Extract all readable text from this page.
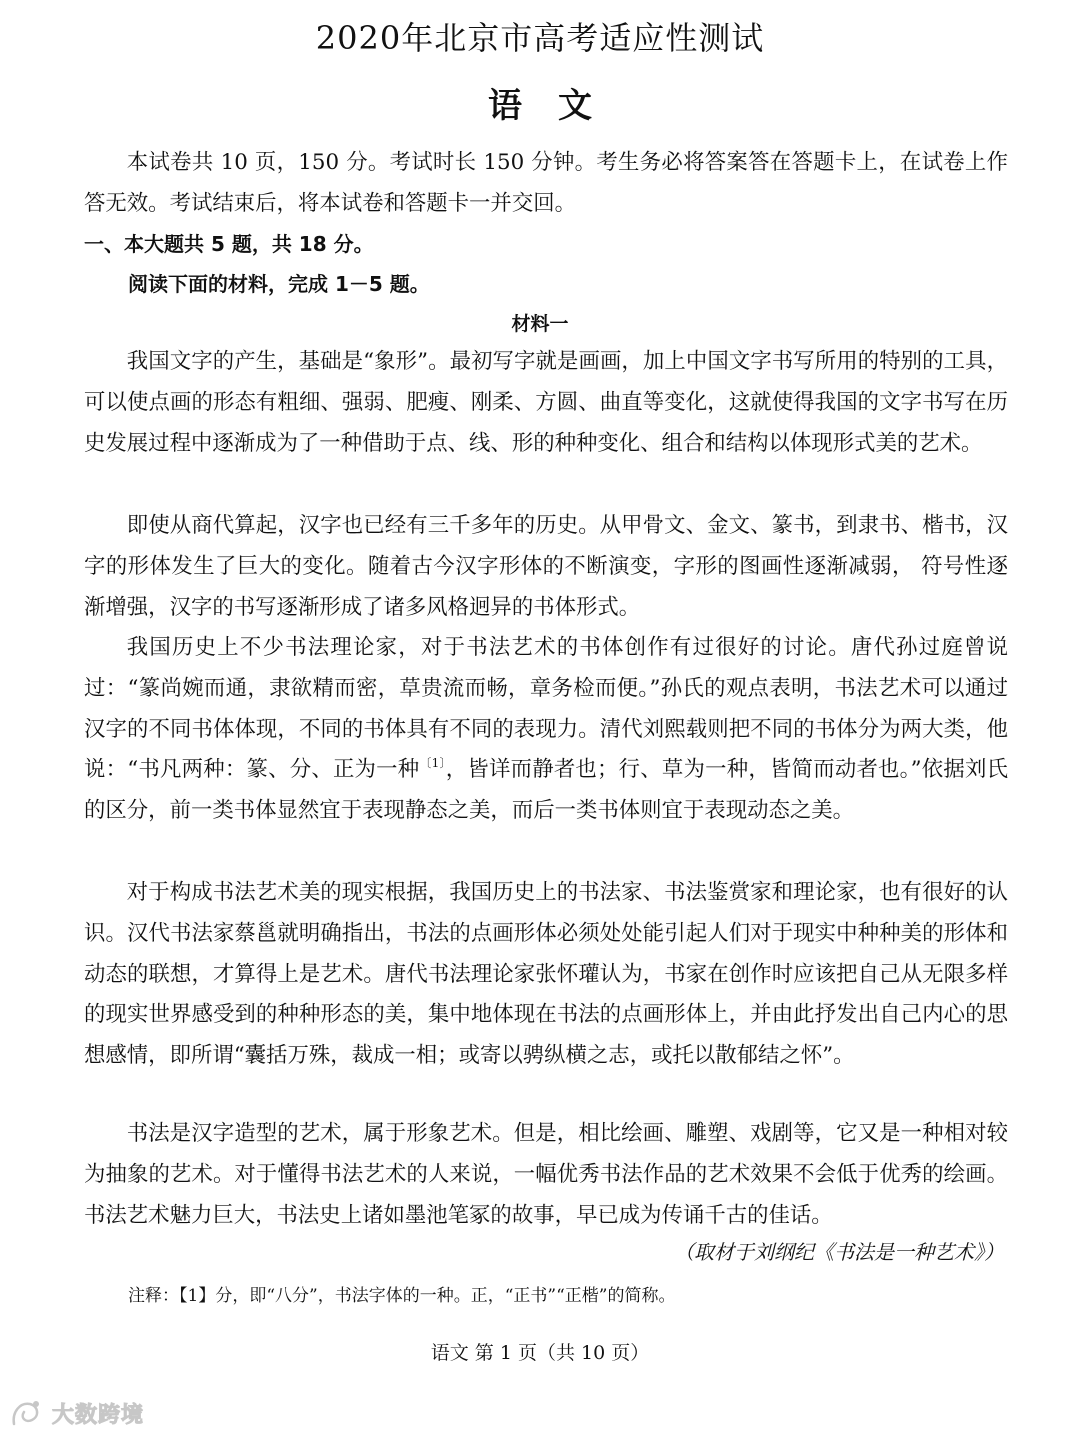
2020年北京市高考适应性测试
语文
本试卷共 10 页，150 分。考试时长 150 分钟。考生务必将答案答在答题卡上，在试卷上作答无效。考试结束后，将本试卷和答题卡一并交回。
一、本大题共 5 题，共 18 分。
阅读下面的材料，完成 1－5 题。
材料一
我国文字的产生，基础是“象形”。最初写字就是画画，加上中国文字书写所用的特别的工具，可以使点画的形态有粗细、强弱、肥瘦、刚柔、方圆、曲直等变化，这就使得我国的文字书写在历史发展过程中逐渐成为了一种借助于点、线、形的种种变化、组合和结构以体现形式美的艺术。
即使从商代算起，汉字也已经有三千多年的历史。从甲骨文、金文、篆书，到隶书、楷书，汉字的形体发生了巨大的变化。随着古今汉字形体的不断演变，字形的图画性逐渐减弱， 符号性逐渐增强，汉字的书写逐渐形成了诸多风格迥异的书体形式。
我国历史上不少书法理论家，对于书法艺术的书体创作有过很好的讨论。唐代孙过庭曾说过：“篆尚婉而通，隶欲精而密，草贵流而畅，章务检而便。”孙氏的观点表明，书法艺术可以通过汉字的不同书体体现，不同的书体具有不同的表现力。清代刘熙载则把不同的书体分为两大类，他说：“书凡两种：篆、分、正为一种$^{〔1〕}$，皆详而静者也；行、草为一种，皆简而动者也。”依据刘氏的区分，前一类书体显然宜于表现静态之美，而后一类书体则宜于表现动态之美。
对于构成书法艺术美的现实根据，我国历史上的书法家、书法鉴赏家和理论家，也有很好的认识。汉代书法家蔡邕就明确指出，书法的点画形体必须处处能引起人们对于现实中种种美的形体和动态的联想，才算得上是艺术。唐代书法理论家张怀瓘认为，书家在创作时应该把自己从无限多样的现实世界感受到的种种形态的美，集中地体现在书法的点画形体上，并由此抒发出自己内心的思想感情，即所谓“囊括万殊，裁成一相；或寄以骋纵横之志，或托以散郁结之怀”。
书法是汉字造型的艺术，属于形象艺术。但是，相比绘画、雕塑、戏剧等，它又是一种相对较为抽象的艺术。对于懂得书法艺术的人来说，一幅优秀书法作品的艺术效果不会低于优秀的绘画。书法艺术魅力巨大，书法史上诸如墨池笔冢的故事，早已成为传诵千古的佳话。
（取材于刘纲纪《书法是一种艺术》）
注释：【1】分，即“八分”，书法字体的一种。正，“正书”“正楷”的简称。
语文 第 1 页（共 10 页）
大数跨境
